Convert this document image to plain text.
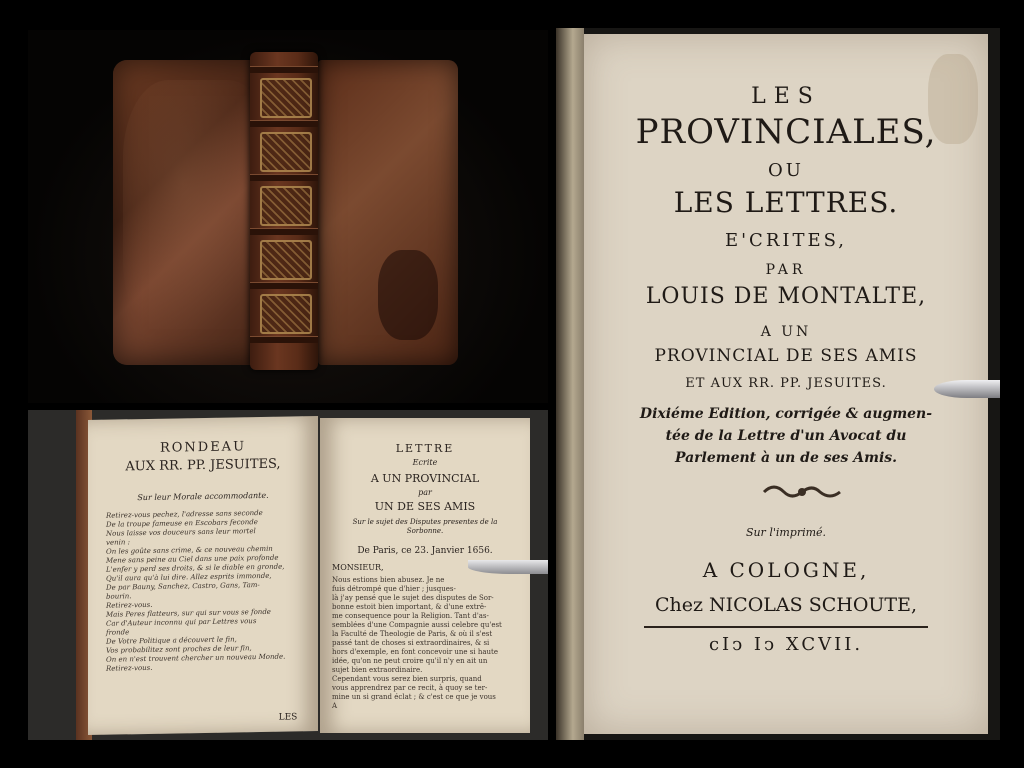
RONDEAU
AUX RR. PP. JESUITES,
Sur leur Morale accommodante.
Retirez-vous pechez, l'adresse sans seconde
De la troupe fameuse en Escobars feconde
Nous laisse vos douceurs sans leur mortel
venin :
On les goûte sans crime, & ce nouveau chemin
Mene sans peine au Ciel dans une paix profonde
L'enfer y perd ses droits, & si le diable en gronde,
Qu'il aura qu'à lui dire. Allez esprits immonde,
De par Bauny, Sanchez, Castro, Gans, Tam-
bourin.
Retirez-vous.
Mais Peres flatteurs, sur qui sur vous se fonde
Car d'Auteur inconnu qui par Lettres vous
fronde
De Votre Politique a découvert le fin,
Vos probabilitez sont proches de leur fin,
On en n'est trouvent chercher un nouveau Monde.
Retirez-vous.
LES
LETTRE
Ecrite
A UN PROVINCIAL
par
UN DE SES AMIS
Sur le sujet des Disputes presentes de la Sorbonne.
De Paris, ce 23. Janvier 1656.
MONSIEUR,
Nous estions bien abusez. Je ne
fuis détrompé que d'hier ; jusques-
là j'ay pensé que le sujet des disputes de Sor-
bonne estoit bien important, & d'une extrê-
me consequence pour la Religion. Tant d'as-
semblées d'une Compagnie aussi celebre qu'est
la Faculté de Theologie de Paris, & où il s'est
passé tant de choses si extraordinaires, & si
hors d'exemple, en font concevoir une si haute
idée, qu'on ne peut croire qu'il n'y en ait un
sujet bien extraordinaire.
Cependant vous serez bien surpris, quand
vous apprendrez par ce recit, à quoy se ter-
mine un si grand éclat ; & c'est ce que je vous
A
LES
PROVINCIALES,
OU
LES LETTRES.
E'CRITES,
PAR
LOUIS DE MONTALTE,
A UN
PROVINCIAL DE SES AMIS
ET AUX RR. PP. JESUITES.
Dixiéme Edition, corrigée & augmen-
tée de la Lettre d'un Avocat du
Parlement à un de ses Amis.
Sur l'imprimé.
A COLOGNE,
Chez NICOLAS SCHOUTE,
cIↄ Iↄ XCVII.
